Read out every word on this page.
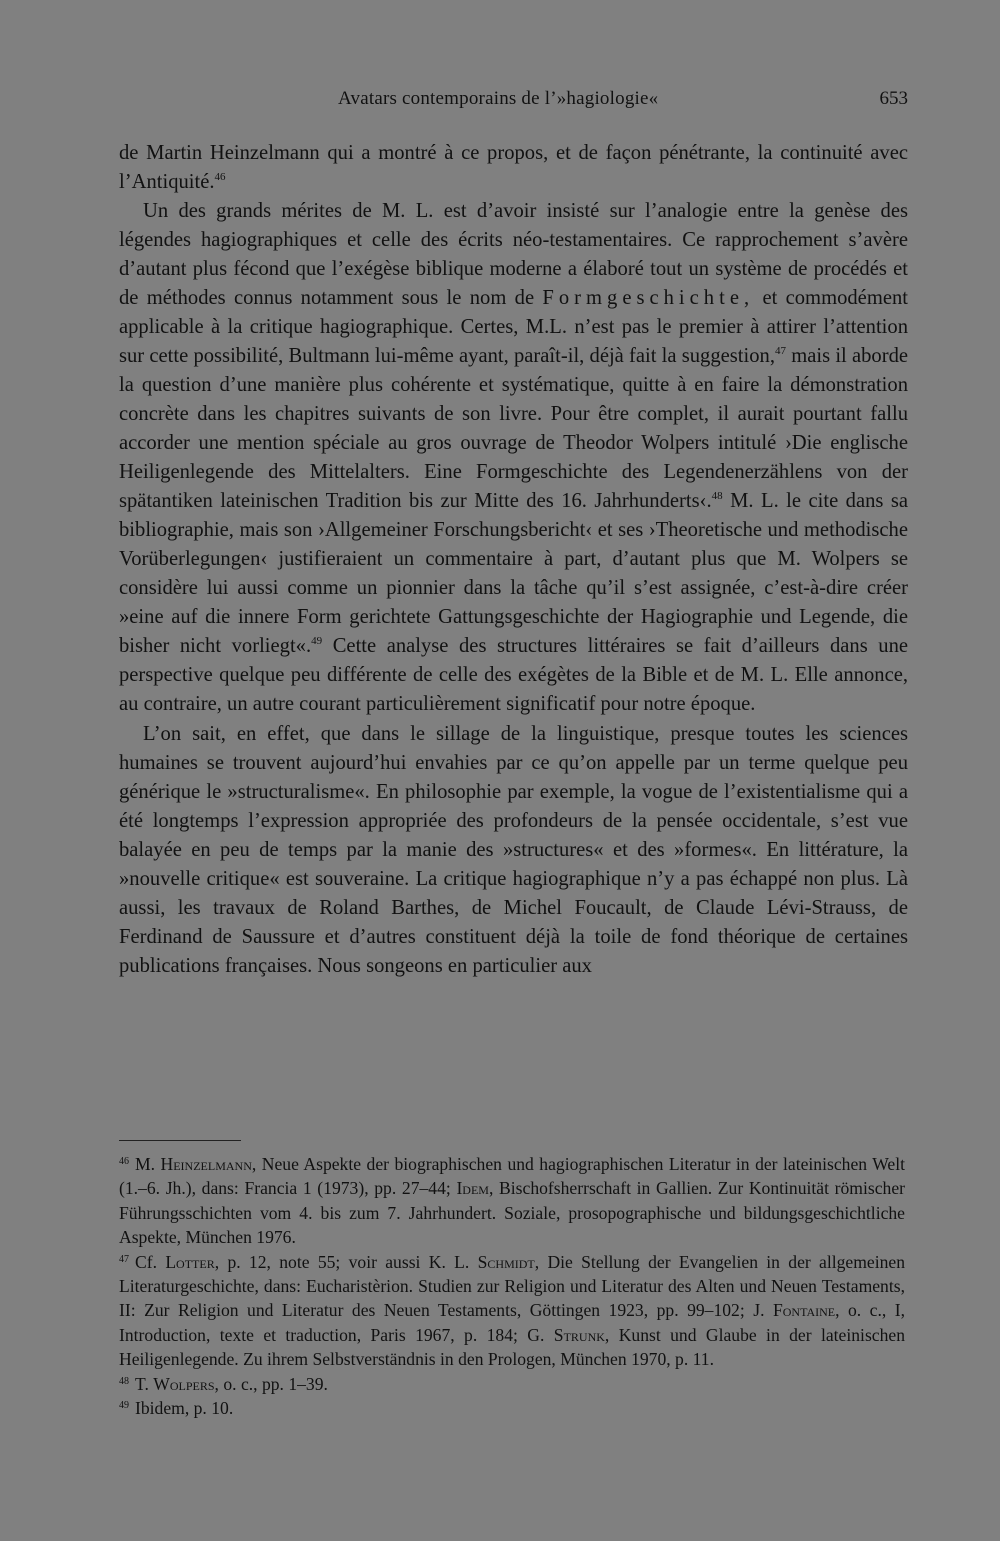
Avatars contemporains de l’»hagiologie«	653

de Martin Heinzelmann qui a montré à ce propos, et de façon pénétrante, la continuité avec l’Antiquité.$^{46}$

Un des grands mérites de M. L. est d’avoir insisté sur l’analogie entre la genèse des légendes hagiographiques et celle des écrits néo-testamentaires. Ce rapprochement s’avère d’autant plus fécond que l’exégèse biblique moderne a élaboré tout un système de procédés et de méthodes connus notamment sous le nom de Formgeschichte, et commodément applicable à la critique hagiographique. Certes, M.L. n’est pas le premier à attirer l’attention sur cette possibilité, Bultmann lui-même ayant, paraît-il, déjà fait la suggestion,$^{47}$ mais il aborde la question d’une manière plus cohérente et systématique, quitte à en faire la démonstration concrète dans les chapitres suivants de son livre. Pour être complet, il aurait pourtant fallu accorder une mention spéciale au gros ouvrage de Theodor Wolpers intitulé ›Die englische Heiligenlegende des Mittelalters. Eine Formgeschichte des Legendenerzählens von der spätantiken lateinischen Tradition bis zur Mitte des 16. Jahrhunderts‹.$^{48}$ M. L. le cite dans sa bibliographie, mais son ›Allgemeiner Forschungsbericht‹ et ses ›Theoretische und methodische Vorüberlegungen‹ justifieraient un commentaire à part, d’autant plus que M. Wolpers se considère lui aussi comme un pionnier dans la tâche qu’il s’est assignée, c’est-à-dire créer »eine auf die innere Form gerichtete Gattungsgeschichte der Hagiographie und Legende, die bisher nicht vorliegt«.$^{49}$ Cette analyse des structures littéraires se fait d’ailleurs dans une perspective quelque peu différente de celle des exégètes de la Bible et de M. L. Elle annonce, au contraire, un autre courant particulièrement significatif pour notre époque.

L’on sait, en effet, que dans le sillage de la linguistique, presque toutes les sciences humaines se trouvent aujourd’hui envahies par ce qu’on appelle par un terme quelque peu générique le »structuralisme«. En philosophie par exemple, la vogue de l’existentialisme qui a été longtemps l’expression appropriée des profondeurs de la pensée occidentale, s’est vue balayée en peu de temps par la manie des »structures« et des »formes«. En littérature, la »nouvelle critique« est souveraine. La critique hagiographique n’y a pas échappé non plus. Là aussi, les travaux de Roland Barthes, de Michel Foucault, de Claude Lévi-Strauss, de Ferdinand de Saussure et d’autres constituent déjà la toile de fond théorique de certaines publications françaises. Nous songeons en particulier aux

$^{46}$ M. Heinzelmann, Neue Aspekte der biographischen und hagiographischen Literatur in der lateinischen Welt (1.–6. Jh.), dans: Francia 1 (1973), pp. 27–44; Idem, Bischofsherrschaft in Gallien. Zur Kontinuität römischer Führungsschichten vom 4. bis zum 7. Jahrhundert. Soziale, prosopographische und bildungsgeschichtliche Aspekte, München 1976.

$^{47}$ Cf. Lotter, p. 12, note 55; voir aussi K. L. Schmidt, Die Stellung der Evangelien in der allgemeinen Literaturgeschichte, dans: Eucharistèrion. Studien zur Religion und Literatur des Alten und Neuen Testaments, II: Zur Religion und Literatur des Neuen Testaments, Göttingen 1923, pp. 99–102; J. Fontaine, o. c., I, Introduction, texte et traduction, Paris 1967, p. 184; G. Strunk, Kunst und Glaube in der lateinischen Heiligenlegende. Zu ihrem Selbstverständnis in den Prologen, München 1970, p. 11.

$^{48}$ T. Wolpers, o. c., pp. 1–39.

$^{49}$ Ibidem, p. 10.
